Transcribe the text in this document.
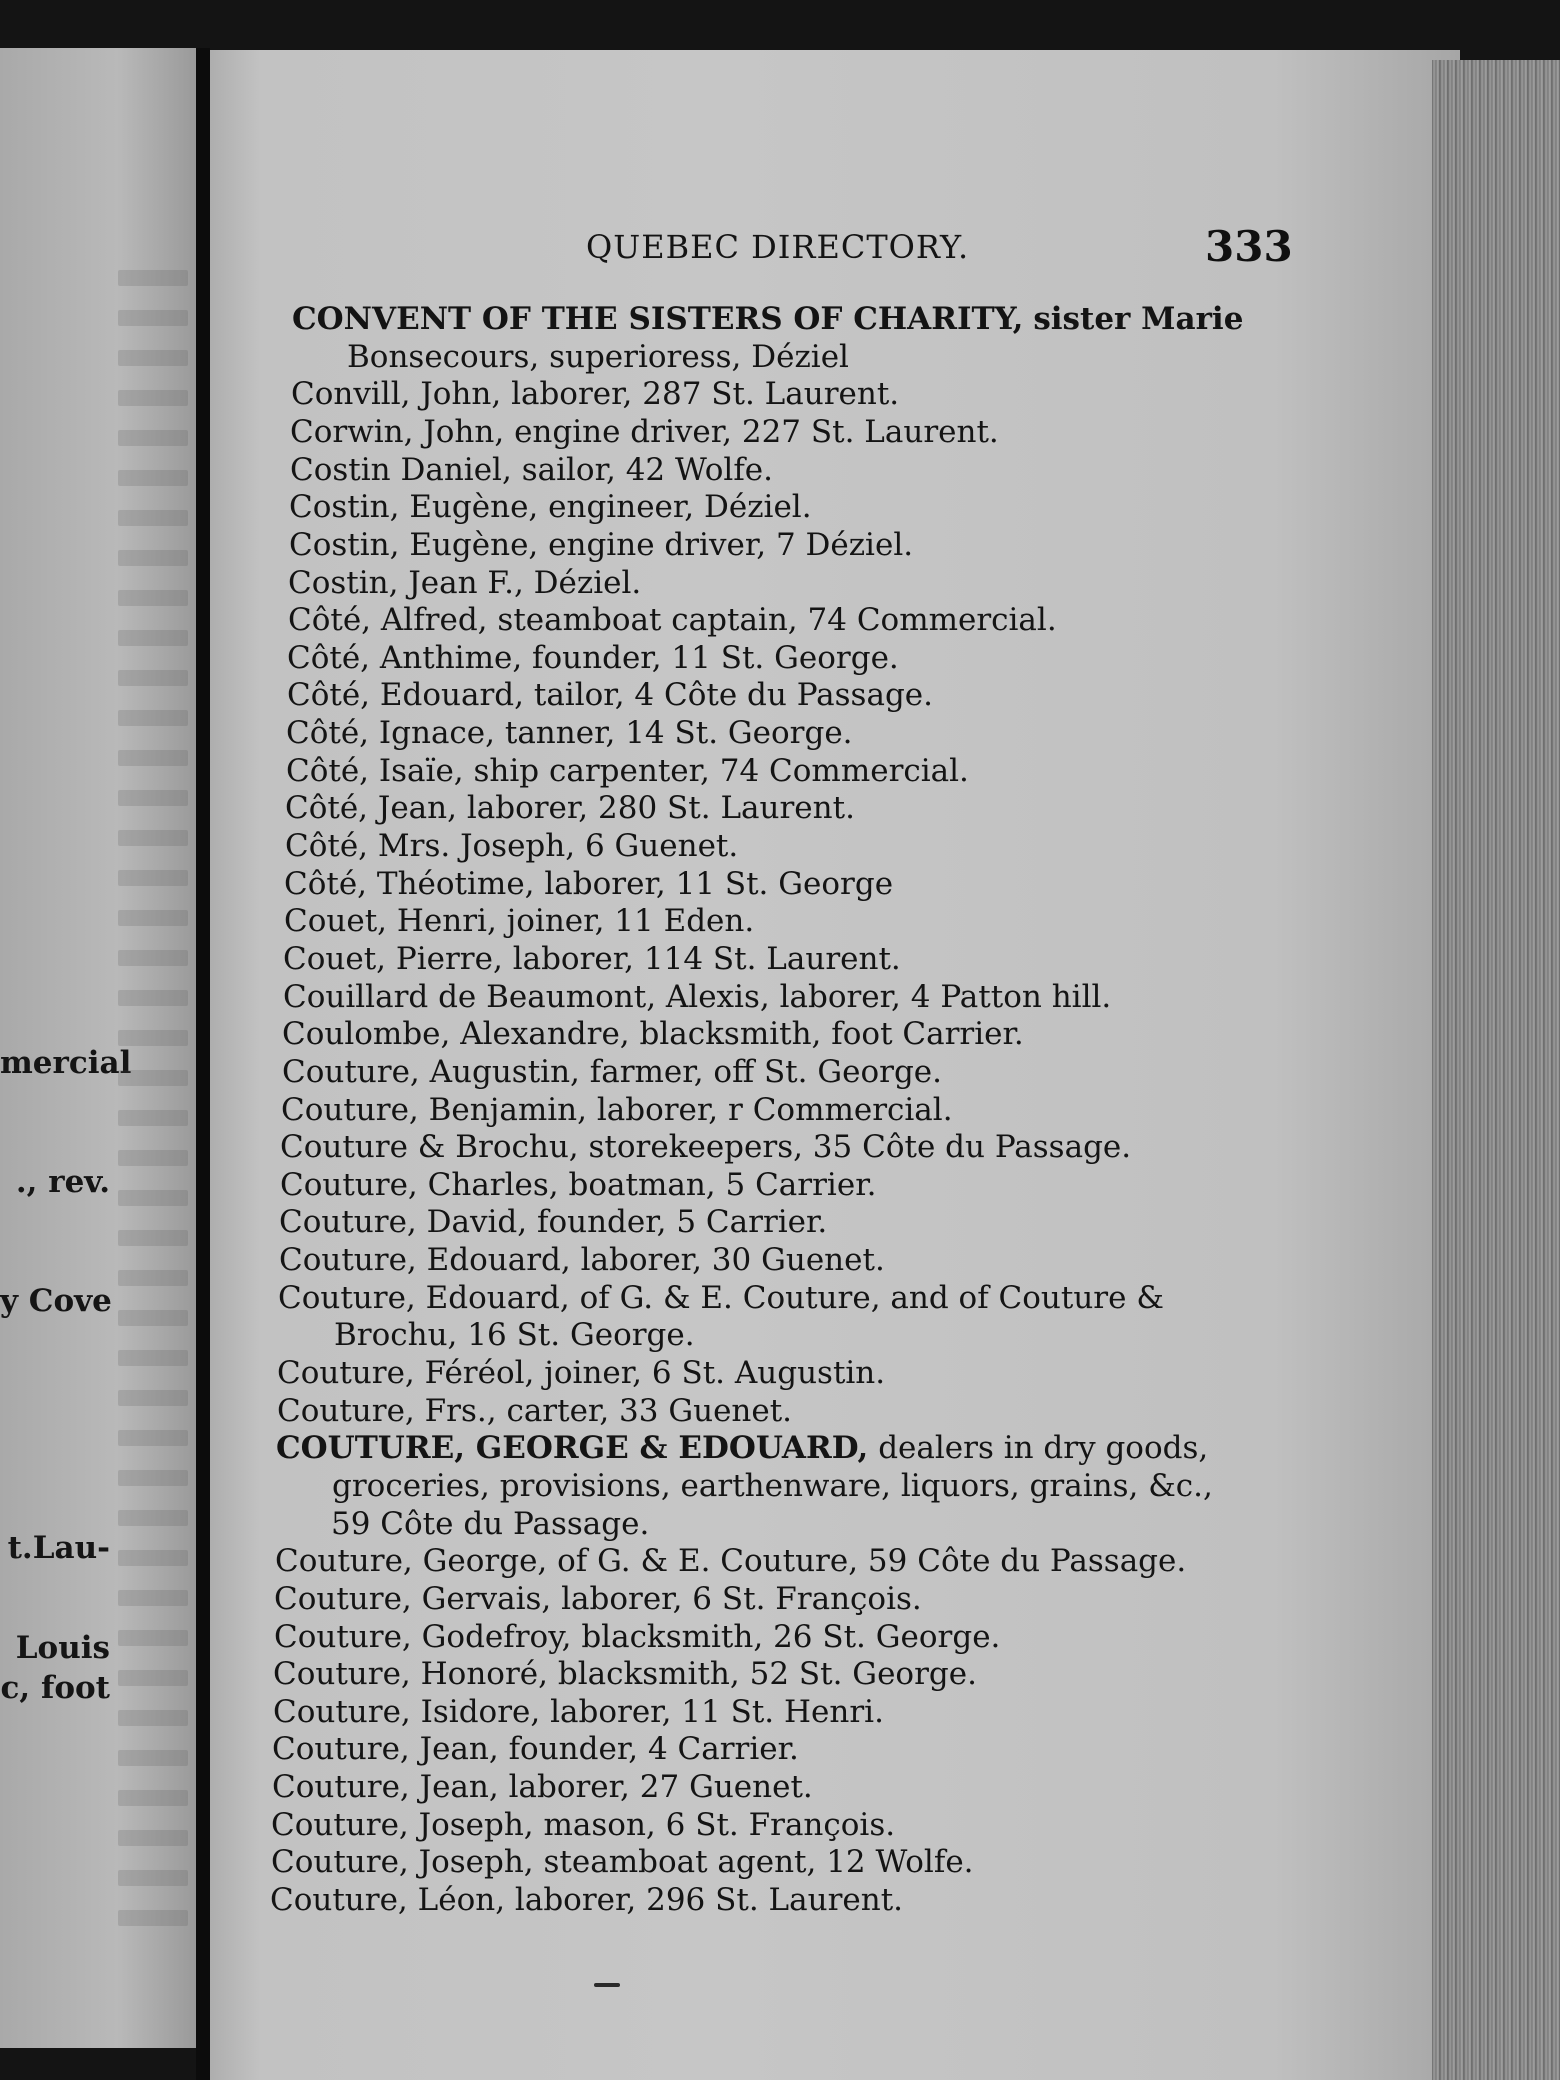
mercial
., rev.
y Cove
t.Lau-
Louis
c, foot
QUEBEC DIRECTORY.	333

CONVENT OF THE SISTERS OF CHARITY, sister Marie

Bonsecours, superioress, Déziel

Convill, John, laborer, 287 St. Laurent.

Corwin, John, engine driver, 227 St. Laurent.

Costin Daniel, sailor, 42 Wolfe.

Costin, Eugène, engineer, Déziel.

Costin, Eugène, engine driver, 7 Déziel.

Costin, Jean F., Déziel.

Côté, Alfred, steamboat captain, 74 Commercial.

Côté, Anthime, founder, 11 St. George.

Côté, Edouard, tailor, 4 Côte du Passage.

Côté, Ignace, tanner, 14 St. George.

Côté, Isaïe, ship carpenter, 74 Commercial.

Côté, Jean, laborer, 280 St. Laurent.

Côté, Mrs. Joseph, 6 Guenet.

Côté, Théotime, laborer, 11 St. George

Couet, Henri, joiner, 11 Eden.

Couet, Pierre, laborer, 114 St. Laurent.

Couillard de Beaumont, Alexis, laborer, 4 Patton hill.

Coulombe, Alexandre, blacksmith, foot Carrier.

Couture, Augustin, farmer, off St. George.

Couture, Benjamin, laborer, r Commercial.

Couture & Brochu, storekeepers, 35 Côte du Passage.

Couture, Charles, boatman, 5 Carrier.

Couture, David, founder, 5 Carrier.

Couture, Edouard, laborer, 30 Guenet.

Couture, Edouard, of G. & E. Couture, and of Couture &

Brochu, 16 St. George.

Couture, Féréol, joiner, 6 St. Augustin.

Couture, Frs., carter, 33 Guenet.

COUTURE, GEORGE & EDOUARD, dealers in dry goods,

groceries, provisions, earthenware, liquors, grains, &c.,

59 Côte du Passage.

Couture, George, of G. & E. Couture, 59 Côte du Passage.

Couture, Gervais, laborer, 6 St. François.

Couture, Godefroy, blacksmith, 26 St. George.

Couture, Honoré, blacksmith, 52 St. George.

Couture, Isidore, laborer, 11 St. Henri.

Couture, Jean, founder, 4 Carrier.

Couture, Jean, laborer, 27 Guenet.

Couture, Joseph, mason, 6 St. François.

Couture, Joseph, steamboat agent, 12 Wolfe.

Couture, Léon, laborer, 296 St. Laurent.
